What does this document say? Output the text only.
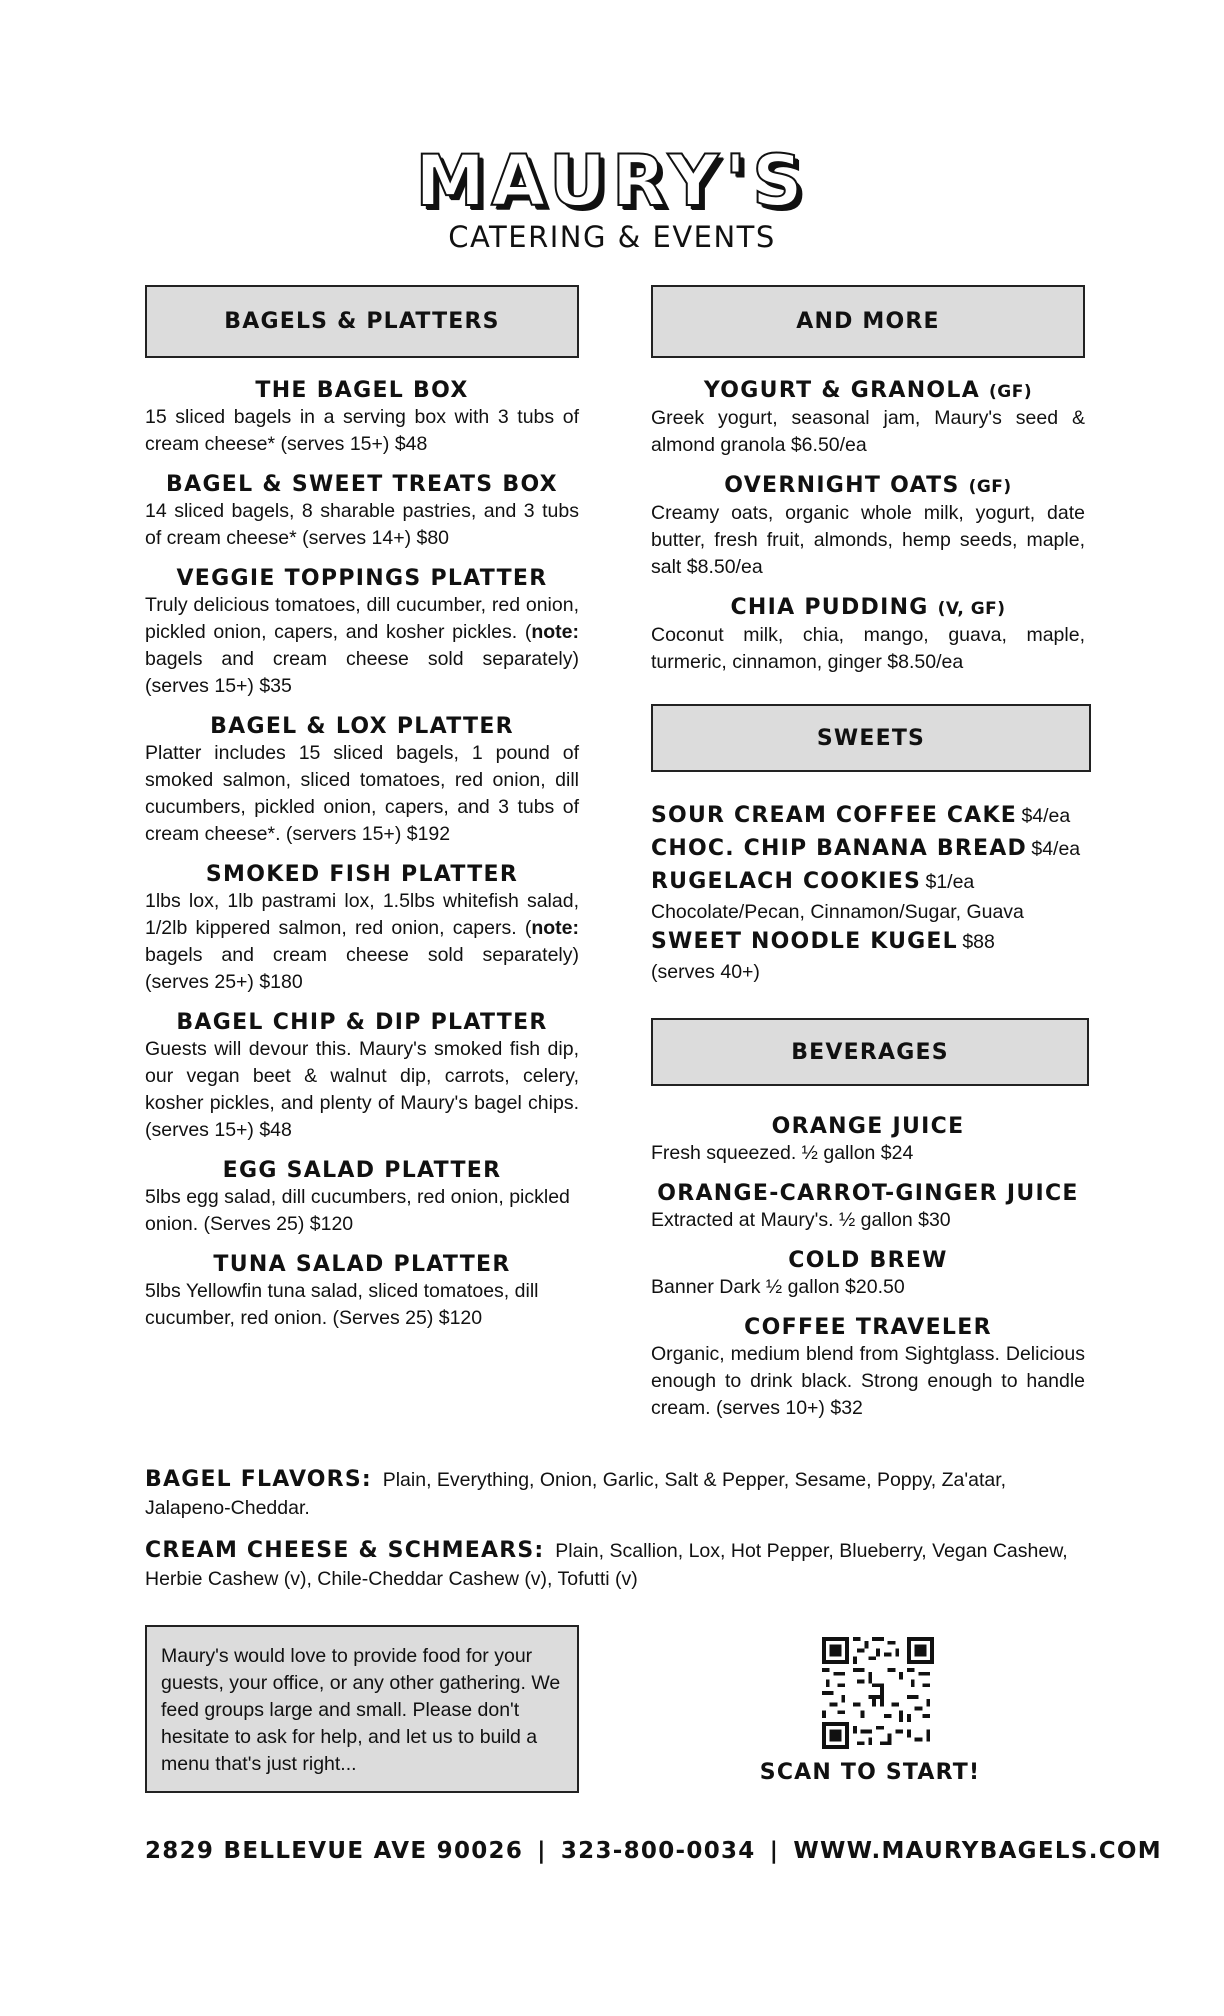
MAURY'S
CATERING & EVENTS
BAGELS & PLATTERS
THE BAGEL BOX
15 sliced bagels in a serving box with 3 tubs of cream cheese* (serves 15+) $48
BAGEL & SWEET TREATS BOX
14 sliced bagels, 8 sharable pastries, and 3 tubs of cream cheese* (serves 14+) $80
VEGGIE TOPPINGS PLATTER
Truly delicious tomatoes, dill cucumber, red onion, pickled onion, capers, and kosher pickles. (note: bagels and cream cheese sold separately) (serves 15+) $35
BAGEL & LOX PLATTER
Platter includes 15 sliced bagels, 1 pound of smoked salmon, sliced tomatoes, red onion, dill cucumbers, pickled onion, capers, and 3 tubs of cream cheese*. (servers 15+) $192
SMOKED FISH PLATTER
1lbs lox, 1lb pastrami lox, 1.5lbs whitefish salad, 1/2lb kippered salmon, red onion, capers. (note: bagels and cream cheese sold separately) (serves 25+) $180
BAGEL CHIP & DIP PLATTER
Guests will devour this. Maury's smoked fish dip, our vegan beet & walnut dip, carrots, celery, kosher pickles, and plenty of Maury's bagel chips. (serves 15+) $48
EGG SALAD PLATTER
5lbs egg salad, dill cucumbers, red onion, pickled onion. (Serves 25) $120
TUNA SALAD PLATTER
5lbs Yellowfin tuna salad, sliced tomatoes, dill cucumber, red onion. (Serves 25) $120
AND MORE
YOGURT & GRANOLA (GF)
Greek yogurt, seasonal jam, Maury's seed & almond granola $6.50/ea
OVERNIGHT OATS (GF)
Creamy oats, organic whole milk, yogurt, date butter, fresh fruit, almonds, hemp seeds, maple, salt $8.50/ea
CHIA PUDDING (V, GF)
Coconut milk, chia, mango, guava, maple, turmeric, cinnamon, ginger $8.50/ea
SWEETS
SOUR CREAM COFFEE CAKE $4/ea
CHOC. CHIP BANANA BREAD $4/ea
RUGELACH COOKIES $1/ea
Chocolate/Pecan, Cinnamon/Sugar, Guava
SWEET NOODLE KUGEL $88
(serves 40+)
BEVERAGES
ORANGE JUICE
Fresh squeezed. ½ gallon $24
ORANGE-CARROT-GINGER JUICE
Extracted at Maury's. ½ gallon $30
COLD BREW
Banner Dark ½ gallon $20.50
COFFEE TRAVELER
Organic, medium blend from Sightglass. Delicious enough to drink black. Strong enough to handle cream. (serves 10+) $32
BAGEL FLAVORS: Plain, Everything, Onion, Garlic, Salt & Pepper, Sesame, Poppy, Za'atar, Jalapeno-Cheddar.
CREAM CHEESE & SCHMEARS: Plain, Scallion, Lox, Hot Pepper, Blueberry, Vegan Cashew, Herbie Cashew (v), Chile-Cheddar Cashew (v), Tofutti (v)
Maury's would love to provide food for your guests, your office, or any other gathering. We feed groups large and small. Please don't hesitate to ask for help, and let us to build a menu that's just right...	SCAN TO START!
2829 BELLEVUE AVE 90026 | 323-800-0034 | WWW.MAURYBAGELS.COM
